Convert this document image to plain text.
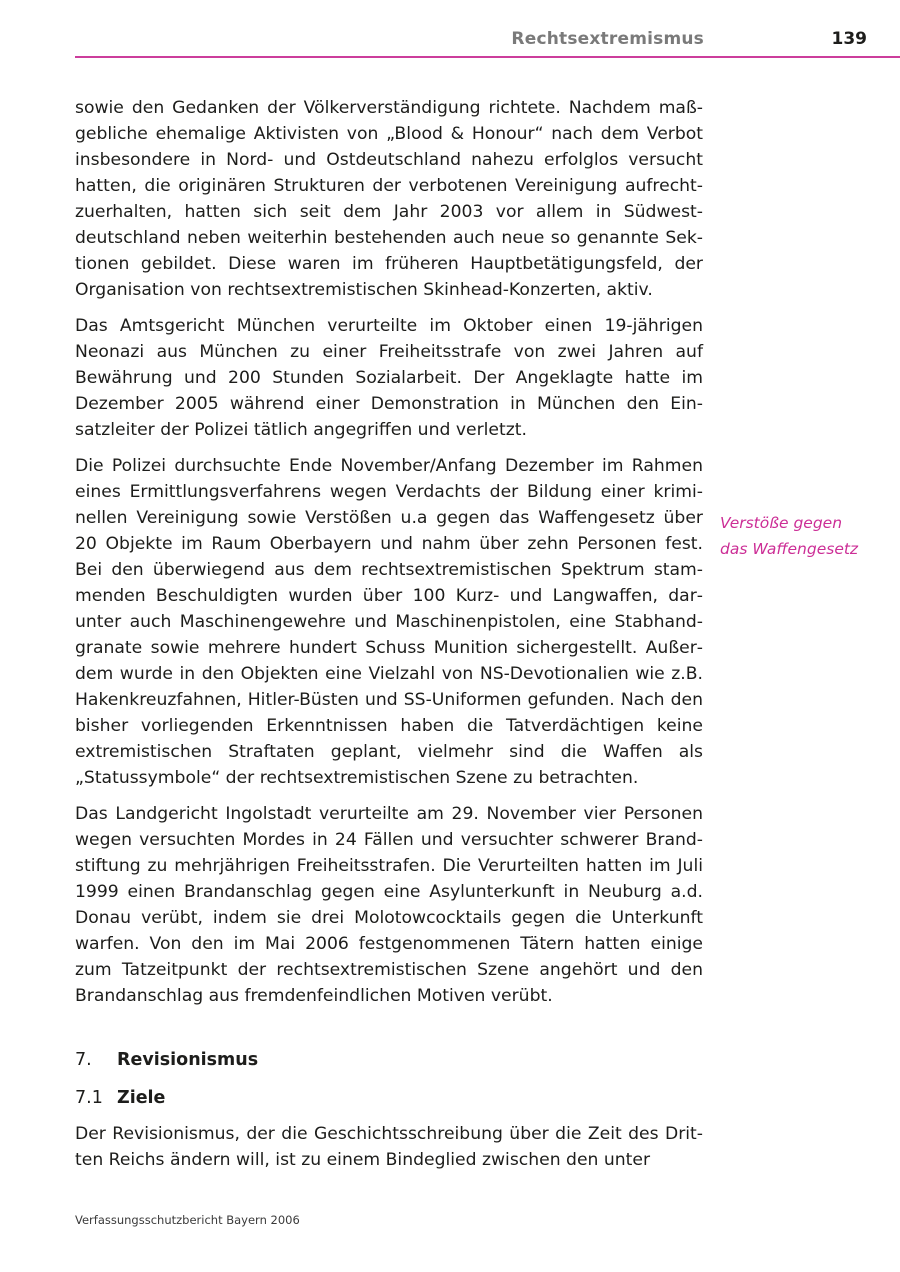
Rechtsextremismus	139

sowie den Gedanken der Völkerverständigung richtete. Nachdem maßgebliche ehemalige Aktivisten von „Blood & Honour“ nach dem Verbot insbesondere in Nord- und Ostdeutschland nahezu erfolglos versucht hatten, die originären Strukturen der verbotenen Vereinigung aufrechtzuerhalten, hatten sich seit dem Jahr 2003 vor allem in Südwestdeutschland neben weiterhin bestehenden auch neue so genannte Sektionen gebildet. Diese waren im früheren Hauptbetätigungsfeld, der Organisation von rechtsextremistischen Skinhead-Konzerten, aktiv.

Das Amtsgericht München verurteilte im Oktober einen 19-jährigen Neonazi aus München zu einer Freiheitsstrafe von zwei Jahren auf Bewährung und 200 Stunden Sozialarbeit. Der Angeklagte hatte im Dezember 2005 während einer Demonstration in München den Einsatzleiter der Polizei tätlich angegriffen und verletzt.

Die Polizei durchsuchte Ende November/Anfang Dezember im Rahmen eines Ermittlungsverfahrens wegen Verdachts der Bildung einer kriminellen Vereinigung sowie Verstößen u.a gegen das Waffengesetz über 20 Objekte im Raum Oberbayern und nahm über zehn Personen fest. Bei den überwiegend aus dem rechtsextremistischen Spektrum stammenden Beschuldigten wurden über 100 Kurz- und Langwaffen, darunter auch Maschinengewehre und Maschinenpistolen, eine Stabhandgranate sowie mehrere hundert Schuss Munition sichergestellt. Außerdem wurde in den Objekten eine Vielzahl von NS-Devotionalien wie z.B. Hakenkreuzfahnen, Hitler-Büsten und SS-Uniformen gefunden. Nach den bisher vorliegenden Erkenntnissen haben die Tatverdächtigen keine extremistischen Straftaten geplant, vielmehr sind die Waffen als „Statussymbole“ der rechtsextremistischen Szene zu betrachten.

Das Landgericht Ingolstadt verurteilte am 29. November vier Personen wegen versuchten Mordes in 24 Fällen und versuchter schwerer Brandstiftung zu mehrjährigen Freiheitsstrafen. Die Verurteilten hatten im Juli 1999 einen Brandanschlag gegen eine Asylunterkunft in Neuburg a.d. Donau verübt, indem sie drei Molotowcocktails gegen die Unterkunft warfen. Von den im Mai 2006 festgenommenen Tätern hatten einige zum Tatzeitpunkt der rechtsextremistischen Szene angehört und den Brandanschlag aus fremdenfeindlichen Motiven verübt.

7.	Revisionismus
7.1 Ziele

Der Revisionismus, der die Geschichtsschreibung über die Zeit des Dritten Reichs ändern will, ist zu einem Bindeglied zwischen den unter

Verstöße gegen
das Waffengesetz
Verfassungsschutzbericht Bayern 2006
